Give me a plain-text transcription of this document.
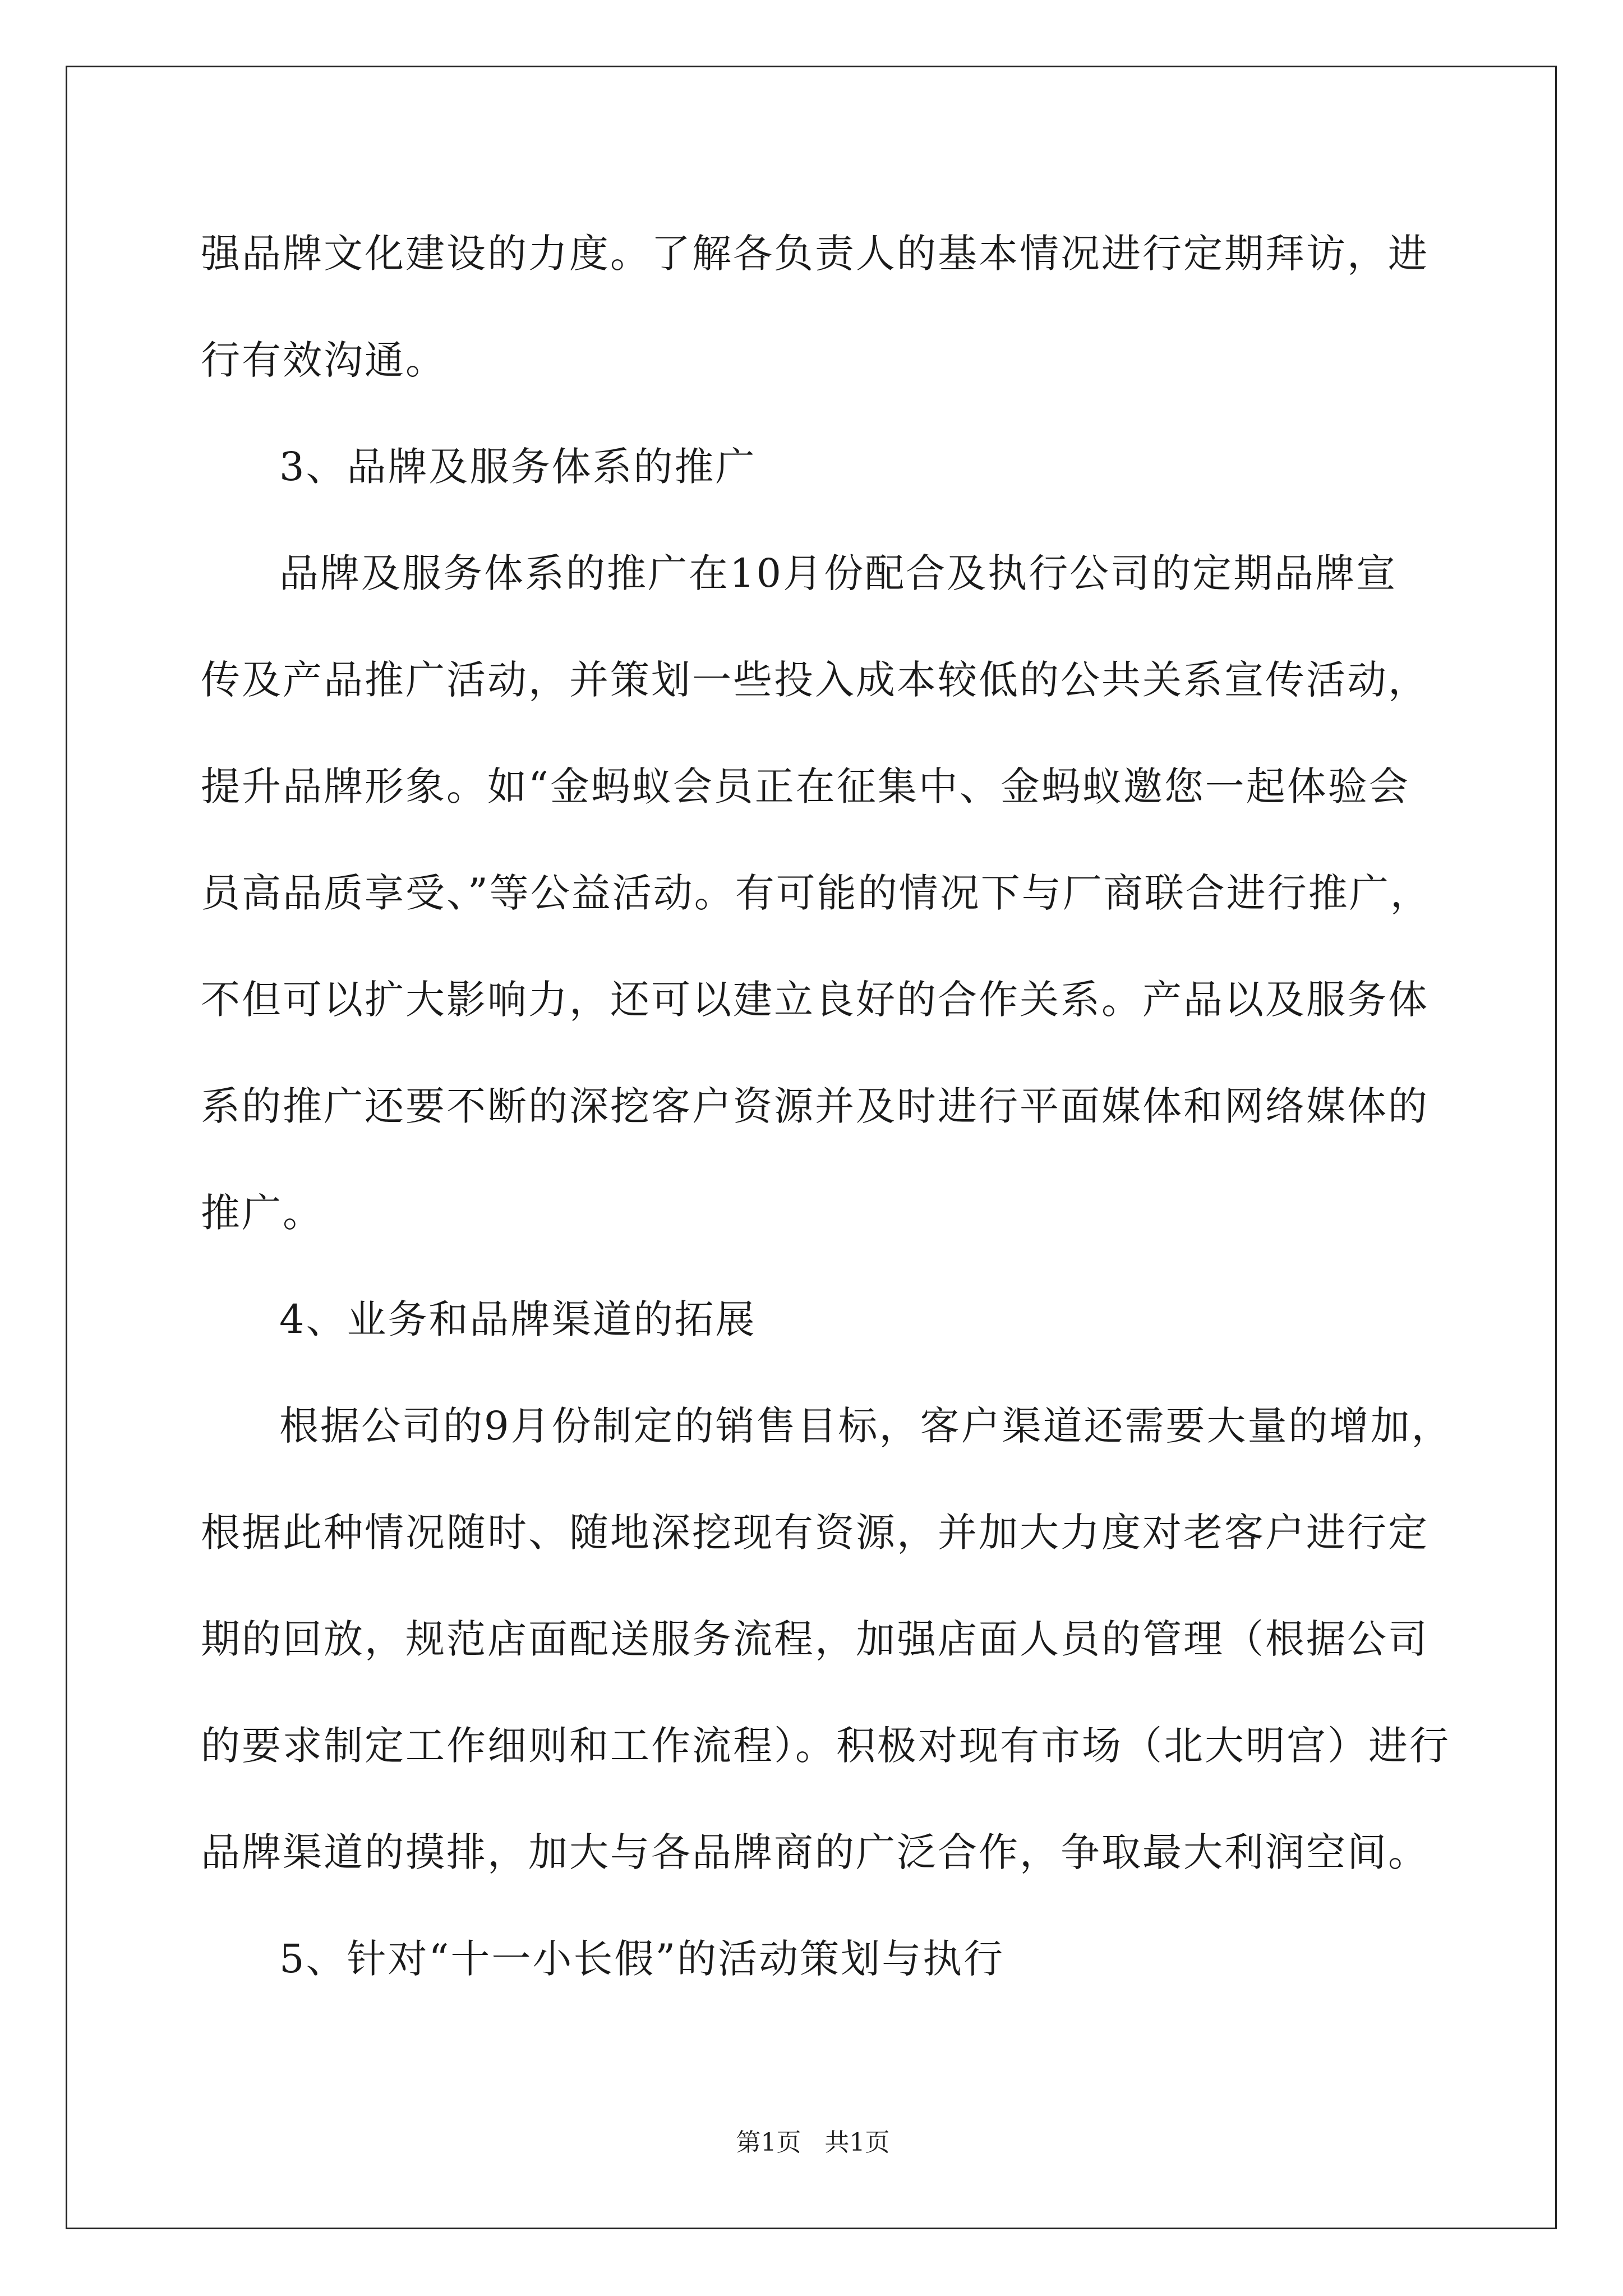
强品牌文化建设的力度。了解各负责人的基本情况进行定期拜访，进
行有效沟通。
3、品牌及服务体系的推广
品牌及服务体系的推广在10月份配合及执行公司的定期品牌宣
传及产品推广活动，并策划一些投入成本较低的公共关系宣传活动，
提升品牌形象。如“金蚂蚁会员正在征集中、金蚂蚁邀您一起体验会
员高品质享受、”等公益活动。有可能的情况下与厂商联合进行推广，
不但可以扩大影响力，还可以建立良好的合作关系。产品以及服务体
系的推广还要不断的深挖客户资源并及时进行平面媒体和网络媒体的
推广。
4、业务和品牌渠道的拓展
根据公司的9月份制定的销售目标，客户渠道还需要大量的增加，
根据此种情况随时、随地深挖现有资源，并加大力度对老客户进行定
期的回放，规范店面配送服务流程，加强店面人员的管理（根据公司
的要求制定工作细则和工作流程）。积极对现有市场（北大明宫）进行
品牌渠道的摸排，加大与各品牌商的广泛合作，争取最大利润空间。
5、针对“十一小长假”的活动策划与执行
第1页   共1页
